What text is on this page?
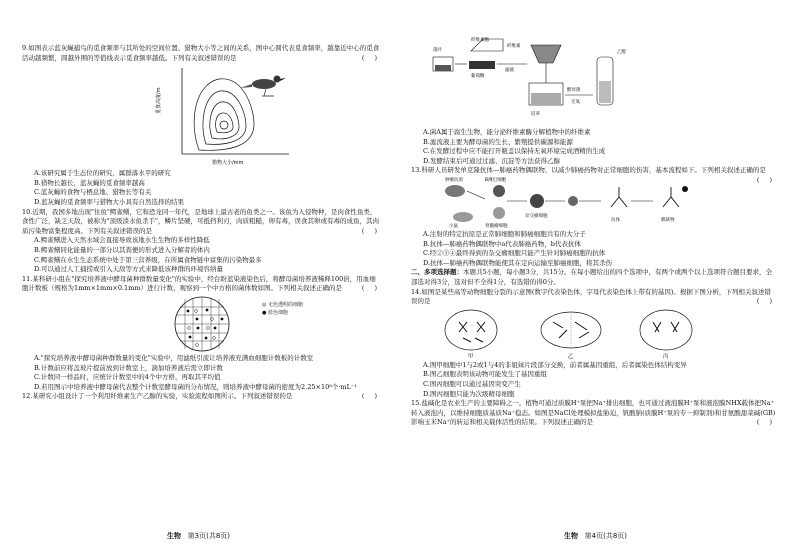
9.如图表示蓝灰蝇捕鸟的觅食频率与其所处的空间位置、猎物大小等之间的关系，图中心圆代表觅食频率，越靠近中心的觅食活动越频繁，圆越外围的等值线表示觅食频率越低。下列有关叙述错误的是	( )

觅食高度/m
猎物大小/mm

A.该研究属于生态位的研究，属群落水平的研究

B.猎物长越长，蓝灰蝇的觅食频率越高

C.蓝灰蝇的食物与栖息地、猎物长等有关

D.蓝灰蝇的觅食频率与猎物大小具有自然选择的结果

10.近期，我国多地出现"往鱼"鳄雀鳝，它和恐龙同一年代，是地球上最古老的鱼类之一。该鱼为入侵物种，是肉食性鱼类，食性广泛，缺乏天敌，被称为"顶级淡水鱼杀手"，鳞片坚硬，可抵挡利刃，肉质粗糙，卵有毒，误食其卵或有毒的成鱼，其肉质污染物富集程度高。下列有关叙述错误的是	( )

A.鳄雀鳝进入天然水域会直接导致该地水生生物的多样性降低

B.鳄雀鳝同化能量的一部分以其粪便的形式进入分解者的体内

C.鳄雀鳝在水生生态系统中处于第三营养级，在所属食物链中富集的污染物最多

D.可以通过人工捕捞或引入天敌等方式来降低该种群的环境容纳量

11.某科研小组在"探究培养液中酵母菌种群数量变化"的实验中，经台盼蓝染液染色后，将酵母菌培养液稀释100倍，用血细胞计数板（规格为1mm×1mm×0.1mm）进行计数，观察到一个中方格的菌体数如图。下列相关叙述正确的是	( )

◎ 无色透明的细胞
● 蓝色细胞

A."探究培养液中酵母菌种群数量的变化"实验中，用滤纸引流让培养液充满血细胞计数板的计数室

B.计数前应将盖玻片提前放到计数室上，滴加培养液后需立即计数

C.计数同一样品时，应统计计数室中的4个中方格，再取其平均值

D.若用图示中培养液中酵母菌代表整个计数室酵母菌的分布情况，则培养液中酵母菌的密度为2.25×10⁸个·mL⁻¹

12.某研究小组设计了一个利用纤维素生产乙醇的实验，实验流程如图所示。下列叙述错误的是	( )

生物 第3页(共8页)
落叶
纤维素酶
纤维素
滤液
葡萄糖
培养
酵母菌
无氧
乙醇

A.菌A属于腐生生物，能分泌纤维素酶分解植物中的纤维素

B.滤流液主要为酵母菌的生长、繁殖提供碳源和能源

C.在发酵过程中应不能打开瓶盖以保持无氧环境完成酒精的生成

D.发酵结束后可通过过滤、沉淀等方法获得乙醇

13.科研人员研发单克隆抗体—肺癌药物偶联物，以减少肺癌药物对正常细胞的伤害，基本流程如下。下列相关叙述正确的是
( )

肿瘤抗原
小鼠
B淋巴细胞
骨髓瘤细胞
杂交瘤细胞
抗体	偶联物

A.注射的特定抗原是正常肺细胞和肺癌细胞共有的大分子

B.抗体—肺癌药物偶联物中a代表肺癌药物，b代表抗体

C.经②③④最终得到的杂交瘤细胞只能产生针对肺癌细胞的抗体

D.抗体—肺癌药物偶联物能使其在定向运输至肺癌细胞，将其杀伤

二、多项选择题：本题共5小题，每小题3分，共15分。在每小题给出的四个选项中，有两个或两个以上选项符合题目要求，全部选对得3分，选对但不全得1分，有选错的得0分。

14.如图是某些高等动物细胞分裂的示意图(数字代表染色体，字母代表染色体上带有的基因)。根据下图分析，下列相关叙述错误的是	( )

甲	乙	丙

A.图甲细胞中1与2或1与4的非姐妹片段部分交换，前者属基因重组，后者属染色体结构变异

B.图乙细胞表明该动物可能发生了基因重组

C.图丙细胞可以通过基因突变产生

D.图丙细胞只能为次级精母细胞

15.盐碱化是农业生产的主要障碍之一。植物可通过质膜H⁺泵把Na⁺排出细胞，也可通过液泡膜H⁺泵和液泡膜NHX载体把Na⁺转入液泡内，以维持细胞质基质Na⁺稳态。如图是NaCl处理模拟盐胁迫，钒酸钠(质膜H⁺泵的专一抑制剂)和甘氨酸甜菜碱(GB)影响玉米Na⁺的转运和相关载体活性的结果。下列叙述正确的是	( )

生物 第4页(共8页)
